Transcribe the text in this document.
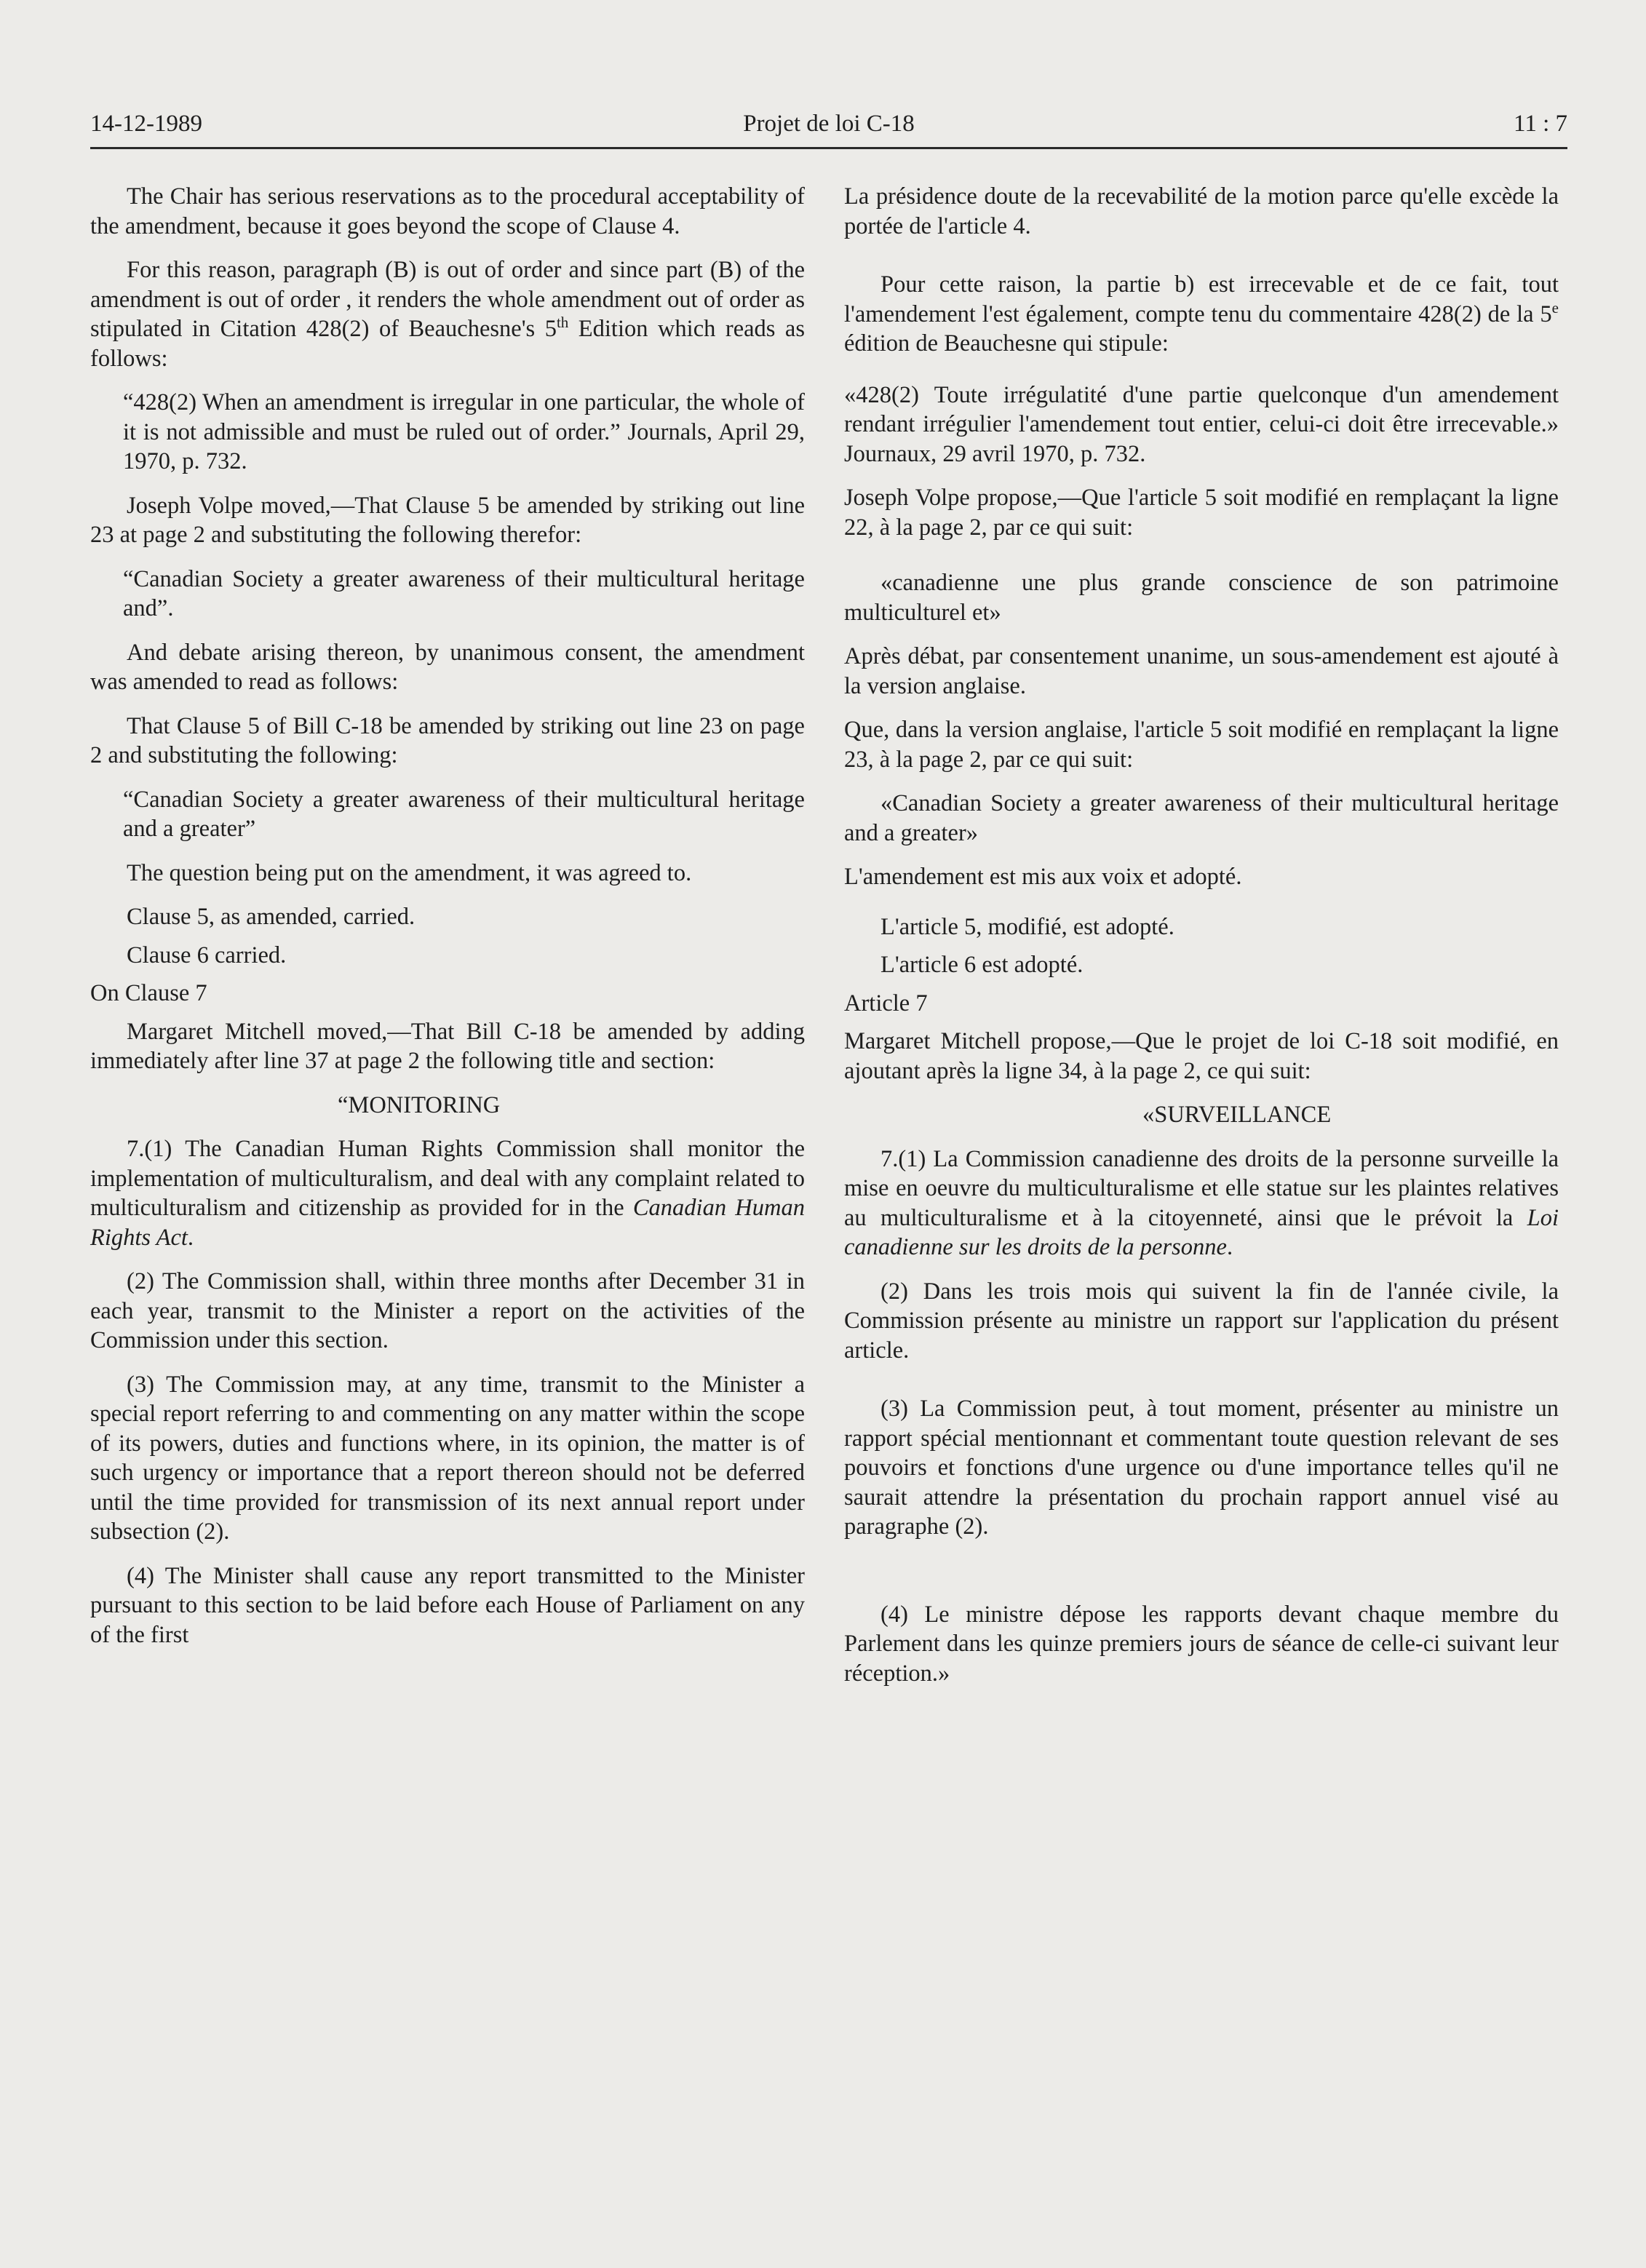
14-12-1989	Projet de loi C-18	11 : 7

The Chair has serious reservations as to the procedural acceptability of the amendment, because it goes beyond the scope of Clause 4.

For this reason, paragraph (B) is out of order and since part (B) of the amendment is out of order , it renders the whole amendment out of order as stipulated in Citation 428(2) of Beauchesne's 5th Edition which reads as follows:

“428(2) When an amendment is irregular in one particular, the whole of it is not admissible and must be ruled out of order.” Journals, April 29, 1970, p. 732.

Joseph Volpe moved,—That Clause 5 be amended by striking out line 23 at page 2 and substituting the following therefor:

“Canadian Society a greater awareness of their multicultural heritage and”.

And debate arising thereon, by unanimous consent, the amendment was amended to read as follows:

That Clause 5 of Bill C-18 be amended by striking out line 23 on page 2 and substituting the following:

“Canadian Society a greater awareness of their multicultural heritage and a greater”

The question being put on the amendment, it was agreed to.

Clause 5, as amended, carried.

Clause 6 carried.

On Clause 7

Margaret Mitchell moved,—That Bill C-18 be amended by adding immediately after line 37 at page 2 the following title and section:

“MONITORING

7.(1) The Canadian Human Rights Commission shall monitor the implementation of multiculturalism, and deal with any complaint related to multiculturalism and citizenship as provided for in the Canadian Human Rights Act.

(2) The Commission shall, within three months after December 31 in each year, transmit to the Minister a report on the activities of the Commission under this section.

(3) The Commission may, at any time, transmit to the Minister a special report referring to and commenting on any matter within the scope of its powers, duties and functions where, in its opinion, the matter is of such urgency or importance that a report thereon should not be deferred until the time provided for transmission of its next annual report under subsection (2).

(4) The Minister shall cause any report transmitted to the Minister pursuant to this section to be laid before each House of Parliament on any of the first

La présidence doute de la recevabilité de la motion parce qu'elle excède la portée de l'article 4.

Pour cette raison, la partie b) est irrecevable et de ce fait, tout l'amendement l'est également, compte tenu du commentaire 428(2) de la 5e édition de Beauchesne qui stipule:

«428(2) Toute irrégulatité d'une partie quelconque d'un amendement rendant irrégulier l'amendement tout entier, celui-ci doit être irrecevable.» Journaux, 29 avril 1970, p. 732.

Joseph Volpe propose,—Que l'article 5 soit modifié en remplaçant la ligne 22, à la page 2, par ce qui suit:

«canadienne une plus grande conscience de son patrimoine multiculturel et»

Après débat, par consentement unanime, un sous-amendement est ajouté à la version anglaise.

Que, dans la version anglaise, l'article 5 soit modifié en remplaçant la ligne 23, à la page 2, par ce qui suit:

«Canadian Society a greater awareness of their multicultural heritage and a greater»

L'amendement est mis aux voix et adopté.

L'article 5, modifié, est adopté.

L'article 6 est adopté.

Article 7

Margaret Mitchell propose,—Que le projet de loi C-18 soit modifié, en ajoutant après la ligne 34, à la page 2, ce qui suit:

«SURVEILLANCE

7.(1) La Commission canadienne des droits de la personne surveille la mise en oeuvre du multiculturalisme et elle statue sur les plaintes relatives au multiculturalisme et à la citoyenneté, ainsi que le prévoit la Loi canadienne sur les droits de la personne.

(2) Dans les trois mois qui suivent la fin de l'année civile, la Commission présente au ministre un rapport sur l'application du présent article.

(3) La Commission peut, à tout moment, présenter au ministre un rapport spécial mentionnant et commentant toute question relevant de ses pouvoirs et fonctions d'une urgence ou d'une importance telles qu'il ne saurait attendre la présentation du prochain rapport annuel visé au paragraphe (2).

(4) Le ministre dépose les rapports devant chaque membre du Parlement dans les quinze premiers jours de séance de celle-ci suivant leur réception.»
